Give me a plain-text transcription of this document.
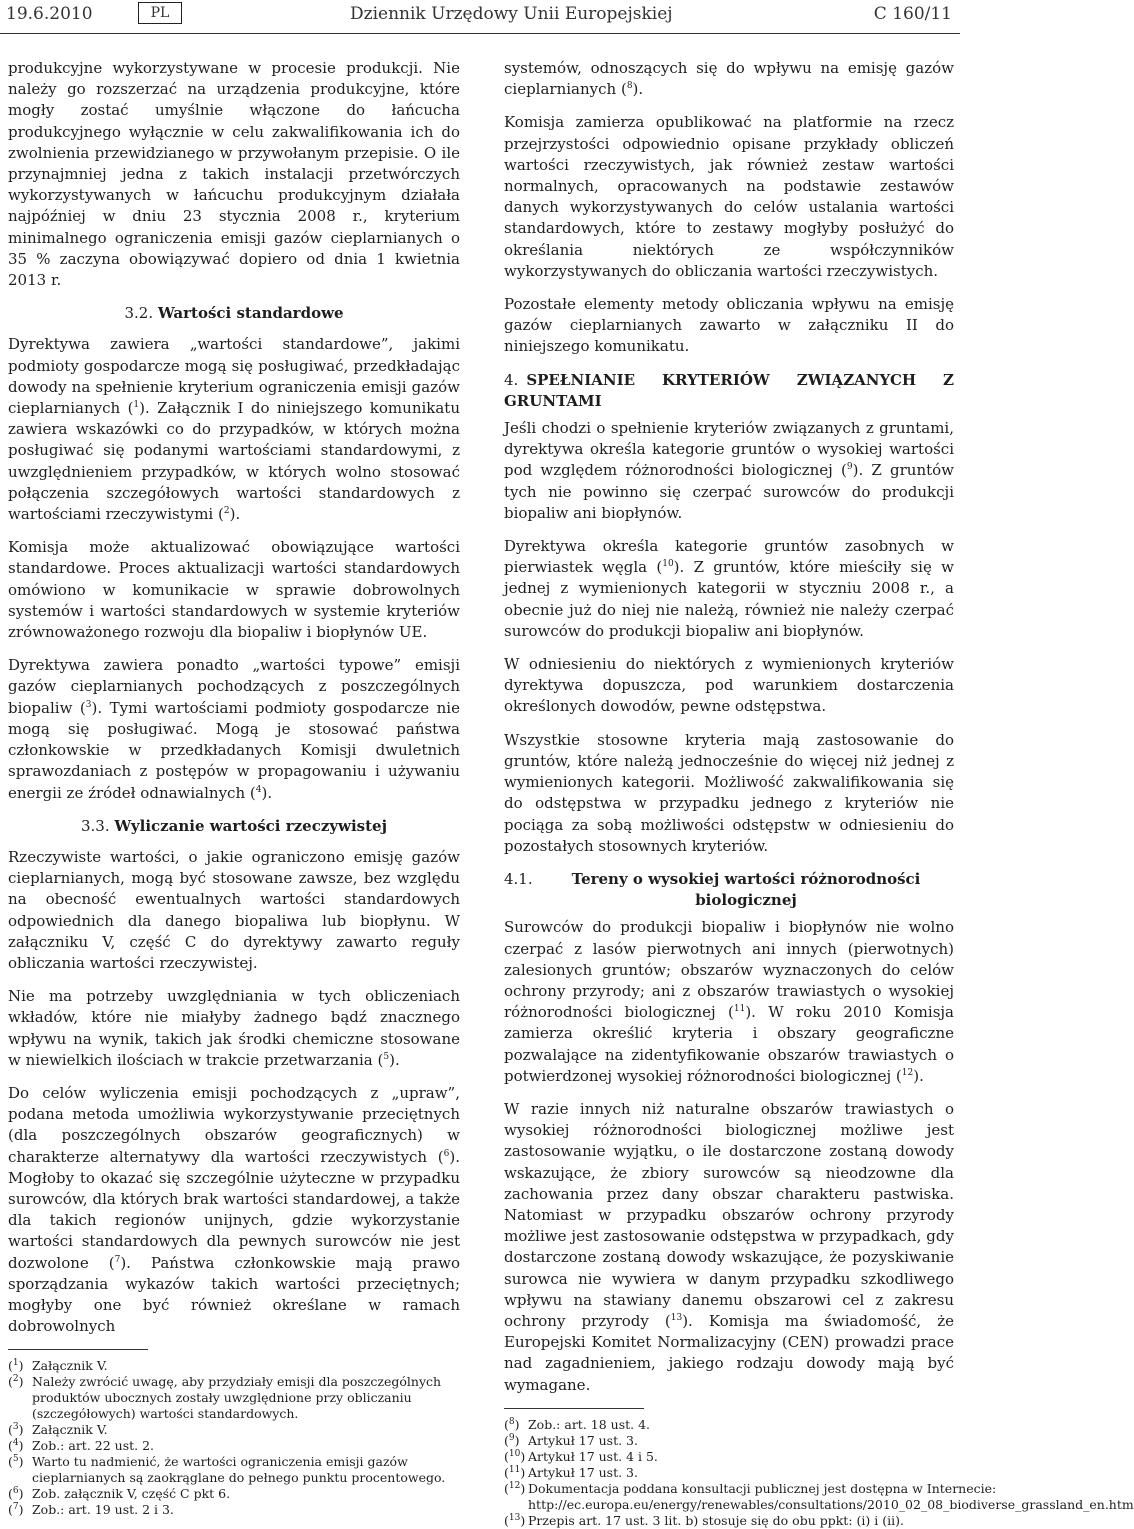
19.6.2010	PL	Dziennik Urzędowy Unii Europejskiej	C 160/11

produkcyjne wykorzystywane w procesie produkcji. Nie należy go rozszerzać na urządzenia produkcyjne, które mogły zostać umyślnie włączone do łańcucha produkcyjnego wyłącznie w celu zakwalifikowania ich do zwolnienia przewidzianego w przywołanym przepisie. O ile przynajmniej jedna z takich instalacji przetwórczych wykorzystywanych w łańcuchu produkcyjnym działała najpóźniej w dniu 23 stycznia 2008 r., kryterium minimalnego ograniczenia emisji gazów cieplarnianych o 35 % zaczyna obowiązywać dopiero od dnia 1 kwietnia 2013 r.

3.2. Wartości standardowe

Dyrektywa zawiera „wartości standardowe”, jakimi podmioty gospodarcze mogą się posługiwać, przedkładając dowody na spełnienie kryterium ograniczenia emisji gazów cieplarnianych ($^1$). Załącznik I do niniejszego komunikatu zawiera wskazówki co do przypadków, w których można posługiwać się podanymi wartościami standardowymi, z uwzględnieniem przypadków, w których wolno stosować połączenia szczegółowych wartości standardowych z wartościami rzeczywistymi ($^2$).

Komisja może aktualizować obowiązujące wartości standardowe. Proces aktualizacji wartości standardowych omówiono w komunikacie w sprawie dobrowolnych systemów i wartości standardowych w systemie kryteriów zrównoważonego rozwoju dla biopaliw i biopłynów UE.

Dyrektywa zawiera ponadto „wartości typowe” emisji gazów cieplarnianych pochodzących z poszczególnych biopaliw ($^3$). Tymi wartościami podmioty gospodarcze nie mogą się posługiwać. Mogą je stosować państwa członkowskie w przedkładanych Komisji dwuletnich sprawozdaniach z postępów w propagowaniu i używaniu energii ze źródeł odnawialnych ($^4$).

3.3. Wyliczanie wartości rzeczywistej

Rzeczywiste wartości, o jakie ograniczono emisję gazów cieplarnianych, mogą być stosowane zawsze, bez względu na obecność ewentualnych wartości standardowych odpowiednich dla danego biopaliwa lub biopłynu. W załączniku V, część C do dyrektywy zawarto reguły obliczania wartości rzeczywistej.

Nie ma potrzeby uwzględniania w tych obliczeniach wkładów, które nie miałyby żadnego bądź znacznego wpływu na wynik, takich jak środki chemiczne stosowane w niewielkich ilościach w trakcie przetwarzania ($^5$).

Do celów wyliczenia emisji pochodzących z „upraw”, podana metoda umożliwia wykorzystywanie przeciętnych (dla poszczególnych obszarów geograficznych) w charakterze alternatywy dla wartości rzeczywistych ($^6$). Mogłoby to okazać się szczególnie użyteczne w przypadku surowców, dla których brak wartości standardowej, a także dla takich regionów unijnych, gdzie wykorzystanie wartości standardowych dla pewnych surowców nie jest dozwolone ($^7$). Państwa członkowskie mają prawo sporządzania wykazów takich wartości przeciętnych; mogłyby one być również określane w ramach dobrowolnych

($^1$) Załącznik V.
($^2$) Należy zwrócić uwagę, aby przydziały emisji dla poszczególnych produktów ubocznych zostały uwzględnione przy obliczaniu (szczegółowych) wartości standardowych.
($^3$) Załącznik V.
($^4$) Zob.: art. 22 ust. 2.
($^5$) Warto tu nadmienić, że wartości ograniczenia emisji gazów cieplarnianych są zaokrąglane do pełnego punktu procentowego.
($^6$) Zob. załącznik V, część C pkt 6.
($^7$) Zob.: art. 19 ust. 2 i 3.

systemów, odnoszących się do wpływu na emisję gazów cieplarnianych ($^8$).

Komisja zamierza opublikować na platformie na rzecz przejrzystości odpowiednio opisane przykłady obliczeń wartości rzeczywistych, jak również zestaw wartości normalnych, opracowanych na podstawie zestawów danych wykorzystywanych do celów ustalania wartości standardowych, które to zestawy mogłyby posłużyć do określania niektórych ze współczynników wykorzystywanych do obliczania wartości rzeczywistych.

Pozostałe elementy metody obliczania wpływu na emisję gazów cieplarnianych zawarto w załączniku II do niniejszego komunikatu.

4. SPEŁNIANIE KRYTERIÓW ZWIĄZANYCH Z GRUNTAMI

Jeśli chodzi o spełnienie kryteriów związanych z gruntami, dyrektywa określa kategorie gruntów o wysokiej wartości pod względem różnorodności biologicznej ($^9$). Z gruntów tych nie powinno się czerpać surowców do produkcji biopaliw ani biopłynów.

Dyrektywa określa kategorie gruntów zasobnych w pierwiastek węgla ($^{10}$). Z gruntów, które mieściły się w jednej z wymienionych kategorii w styczniu 2008 r., a obecnie już do niej nie należą, również nie należy czerpać surowców do produkcji biopaliw ani biopłynów.

W odniesieniu do niektórych z wymienionych kryteriów dyrektywa dopuszcza, pod warunkiem dostarczenia określonych dowodów, pewne odstępstwa.

Wszystkie stosowne kryteria mają zastosowanie do gruntów, które należą jednocześnie do więcej niż jednej z wymienionych kategorii. Możliwość zakwalifikowania się do odstępstwa w przypadku jednego z kryteriów nie pociąga za sobą możliwości odstępstw w odniesieniu do pozostałych stosownych kryteriów.

4.1.	Tereny o wysokiej wartości różnorodności biologicznej

Surowców do produkcji biopaliw i biopłynów nie wolno czerpać z lasów pierwotnych ani innych (pierwotnych) zalesionych gruntów; obszarów wyznaczonych do celów ochrony przyrody; ani z obszarów trawiastych o wysokiej różnorodności biologicznej ($^{11}$). W roku 2010 Komisja zamierza określić kryteria i obszary geograficzne pozwalające na zidentyfikowanie obszarów trawiastych o potwierdzonej wysokiej różnorodności biologicznej ($^{12}$).

W razie innych niż naturalne obszarów trawiastych o wysokiej różnorodności biologicznej możliwe jest zastosowanie wyjątku, o ile dostarczone zostaną dowody wskazujące, że zbiory surowców są nieodzowne dla zachowania przez dany obszar charakteru pastwiska. Natomiast w przypadku obszarów ochrony przyrody możliwe jest zastosowanie odstępstwa w przypadkach, gdy dostarczone zostaną dowody wskazujące, że pozyskiwanie surowca nie wywiera w danym przypadku szkodliwego wpływu na stawiany danemu obszarowi cel z zakresu ochrony przyrody ($^{13}$). Komisja ma świadomość, że Europejski Komitet Normalizacyjny (CEN) prowadzi prace nad zagadnieniem, jakiego rodzaju dowody mają być wymagane.

($^8$) Zob.: art. 18 ust. 4.
($^9$) Artykuł 17 ust. 3.
($^{10}$) Artykuł 17 ust. 4 i 5.
($^{11}$) Artykuł 17 ust. 3.
($^{12}$) Dokumentacja poddana konsultacji publicznej jest dostępna w Internecie: http://ec.europa.eu/energy/renewables/consultations/2010_02_08_biodiverse_grassland_en.htm
($^{13}$) Przepis art. 17 ust. 3 lit. b) stosuje się do obu ppkt: (i) i (ii).
